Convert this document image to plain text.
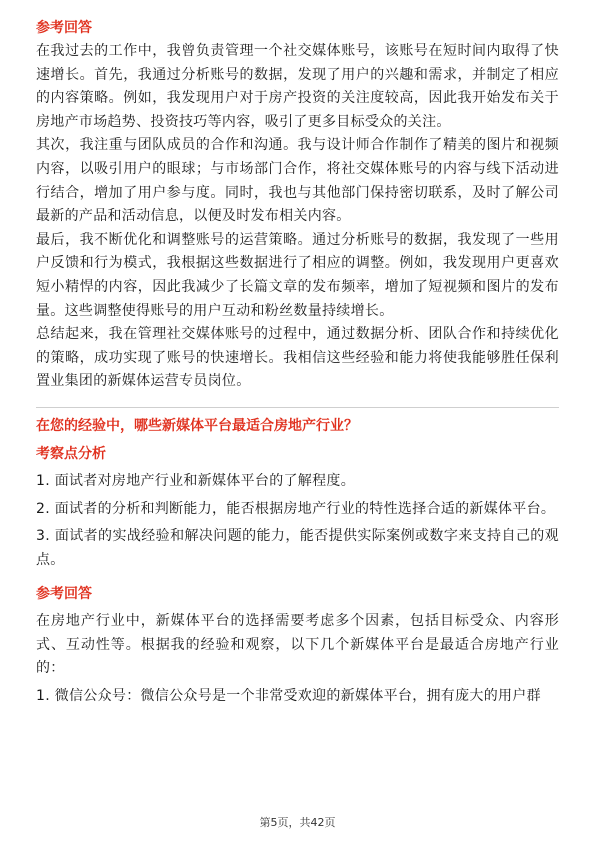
参考回答

在我过去的工作中，我曾负责管理一个社交媒体账号，该账号在短时间内取得了快速增长。首先，我通过分析账号的数据，发现了用户的兴趣和需求，并制定了相应的内容策略。例如，我发现用户对于房产投资的关注度较高，因此我开始发布关于房地产市场趋势、投资技巧等内容，吸引了更多目标受众的关注。

其次，我注重与团队成员的合作和沟通。我与设计师合作制作了精美的图片和视频内容，以吸引用户的眼球；与市场部门合作，将社交媒体账号的内容与线下活动进行结合，增加了用户参与度。同时，我也与其他部门保持密切联系，及时了解公司最新的产品和活动信息，以便及时发布相关内容。

最后，我不断优化和调整账号的运营策略。通过分析账号的数据，我发现了一些用户反馈和行为模式，我根据这些数据进行了相应的调整。例如，我发现用户更喜欢短小精悍的内容，因此我减少了长篇文章的发布频率，增加了短视频和图片的发布量。这些调整使得账号的用户互动和粉丝数量持续增长。

总结起来，我在管理社交媒体账号的过程中，通过数据分析、团队合作和持续优化的策略，成功实现了账号的快速增长。我相信这些经验和能力将使我能够胜任保利置业集团的新媒体运营专员岗位。

在您的经验中，哪些新媒体平台最适合房地产行业？

考察点分析

1. 面试者对房地产行业和新媒体平台的了解程度。

2. 面试者的分析和判断能力，能否根据房地产行业的特性选择合适的新媒体平台。

3. 面试者的实战经验和解决问题的能力，能否提供实际案例或数字来支持自己的观点。

参考回答

在房地产行业中，新媒体平台的选择需要考虑多个因素，包括目标受众、内容形式、互动性等。根据我的经验和观察，以下几个新媒体平台是最适合房地产行业的：

1. 微信公众号：微信公众号是一个非常受欢迎的新媒体平台，拥有庞大的用户群

第5页，共42页
